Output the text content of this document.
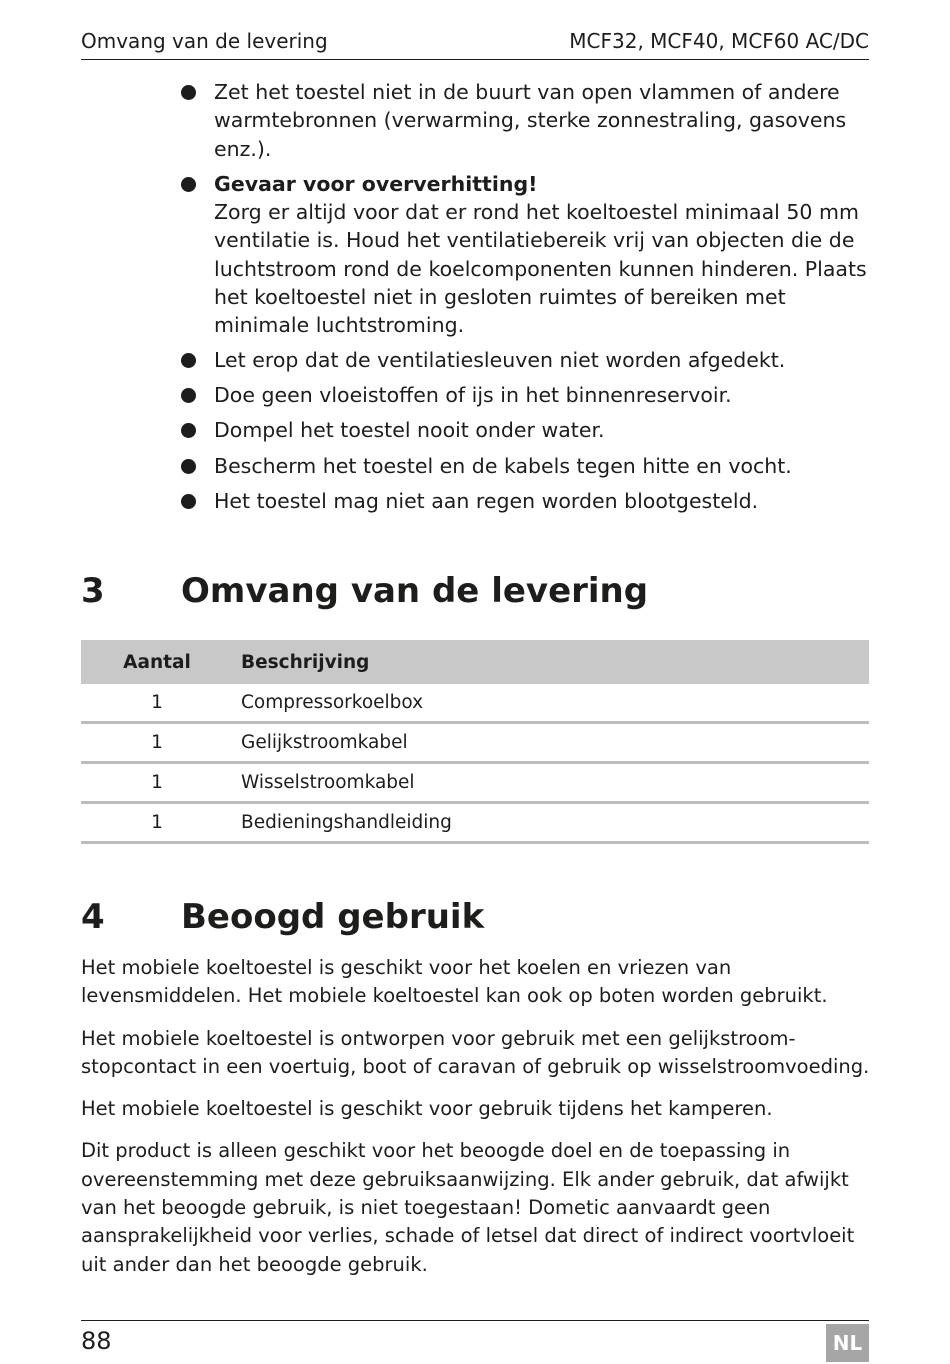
Omvang van de levering	MCF32, MCF40, MCF60 AC/DC
Zet het toestel niet in de buurt van open vlammen of andere warmtebronnen (verwarming, sterke zonnestraling, gasovens enz.).
Gevaar voor oververhitting!
Zorg er altijd voor dat er rond het koeltoestel minimaal 50 mm ventilatie is. Houd het ventilatiebereik vrij van objecten die de luchtstroom rond de koelcomponenten kunnen hinderen. Plaats het koeltoestel niet in gesloten ruimtes of bereiken met minimale luchtstroming.
Let erop dat de ventilatiesleuven niet worden afgedekt.
Doe geen vloeistoffen of ijs in het binnenreservoir.
Dompel het toestel nooit onder water.
Bescherm het toestel en de kabels tegen hitte en vocht.
Het toestel mag niet aan regen worden blootgesteld.
3 Omvang van de levering
Aantal	Beschrijving
1	Compressorkoelbox
1	Gelijkstroomkabel
1	Wisselstroomkabel
1	Bedieningshandleiding
4 Beoogd gebruik

Het mobiele koeltoestel is geschikt voor het koelen en vriezen van levensmiddelen. Het mobiele koeltoestel kan ook op boten worden gebruikt.

Het mobiele koeltoestel is ontworpen voor gebruik met een gelijkstroom-stopcontact in een voertuig, boot of caravan of gebruik op wisselstroomvoeding.

Het mobiele koeltoestel is geschikt voor gebruik tijdens het kamperen.

Dit product is alleen geschikt voor het beoogde doel en de toepassing in overeenstemming met deze gebruiksaanwijzing. Elk ander gebruik, dat afwijkt van het beoogde gebruik, is niet toegestaan! Dometic aanvaardt geen aansprakelijkheid voor verlies, schade of letsel dat direct of indirect voortvloeit uit ander dan het beoogde gebruik.

88	NL
